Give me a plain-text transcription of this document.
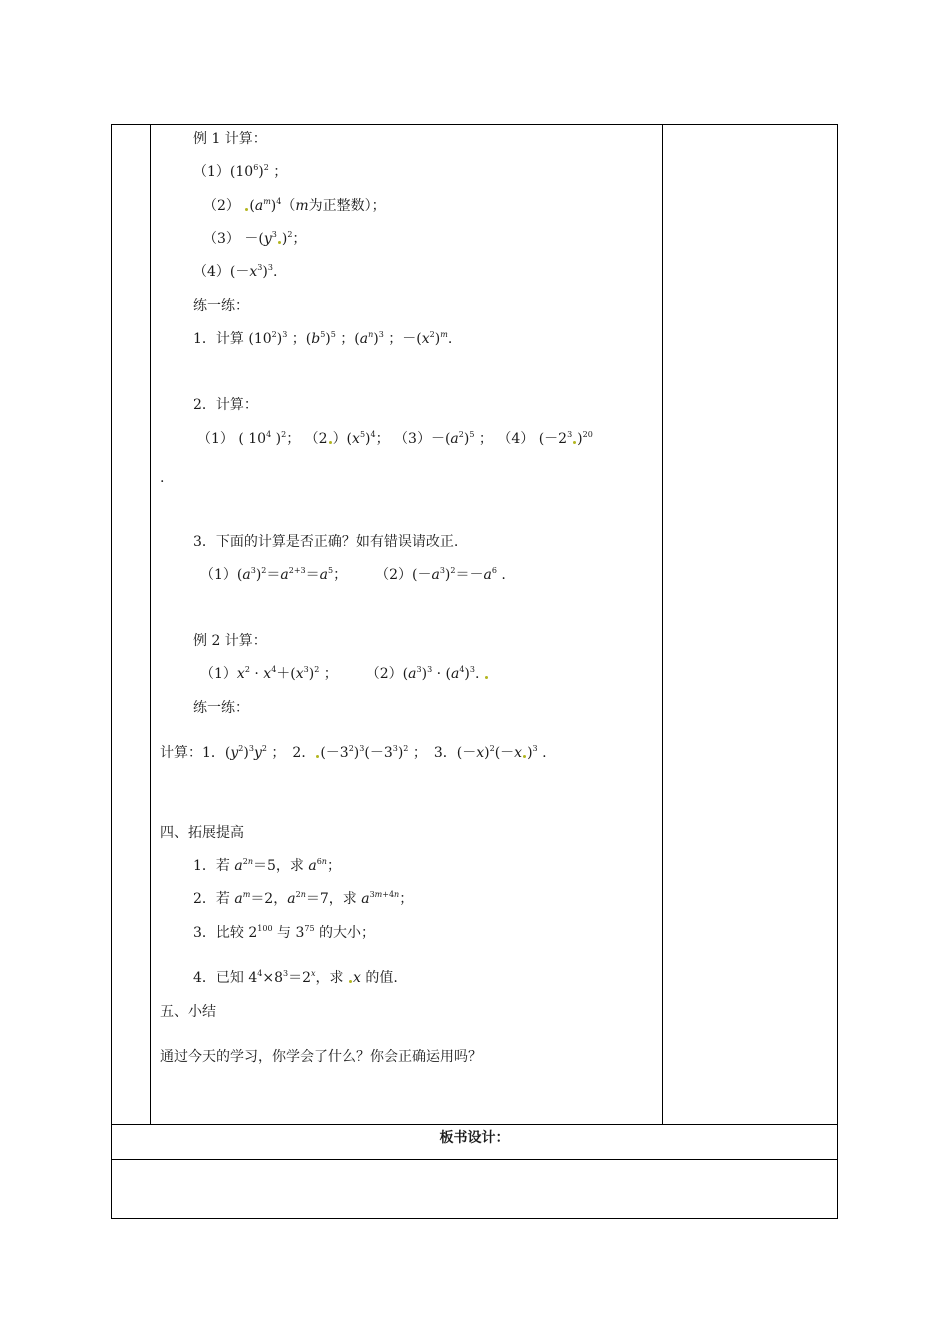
例 1 计算：
$(1)(10^6)^2$ ；
（2） $(a^m)^4(m$为正整数）；
$(3) -(y^3$ )$^2$；
$(4)(-x^3)^3$.
练一练：
1．计算 $(10^2)^3$ ；$(b^5)^5$ ；$(a^n)^3$ ；$-(x^2)^m$.
2．计算：
（1） ( $10^4$ )$^2$； （2 ）$(x^5)^4$； $(3)-(a^2)^5$ ； （4） ($-2^3$ )$^{20}$
.
3．下面的计算是否正确？如有错误请改正.
$(1)(a^3)^2=a^{2+3}=a^5$；　　　$(2)(-a^3)^2=-a^6$ .
例 2 计算：
$(1)x^2 \cdot x^4+(x^3)^2$ ；　　　$(2)(a^3)^3 \cdot (a^4)^3$.
练一练：
计算：1．$(y^2)^3y^2$ ；　2． $(-3^2)^3(-3^3)^2$ ；　3．$(-x)^2(-x$ )$^3$ .
四、拓展提高
1．若 $a^{2n}=5$，求 $a^{6n}$；
2．若 $a^m=2$，$a^{2n}=7$，求 $a^{3m+4n}$；
3．比较 $2^{100}$ 与 $3^{75}$ 的大小；
4．已知 $4^4\times 8^3=2^x$，求 x 的值.
五、小结
通过今天的学习，你学会了什么？你会正确运用吗？
板书设计：
